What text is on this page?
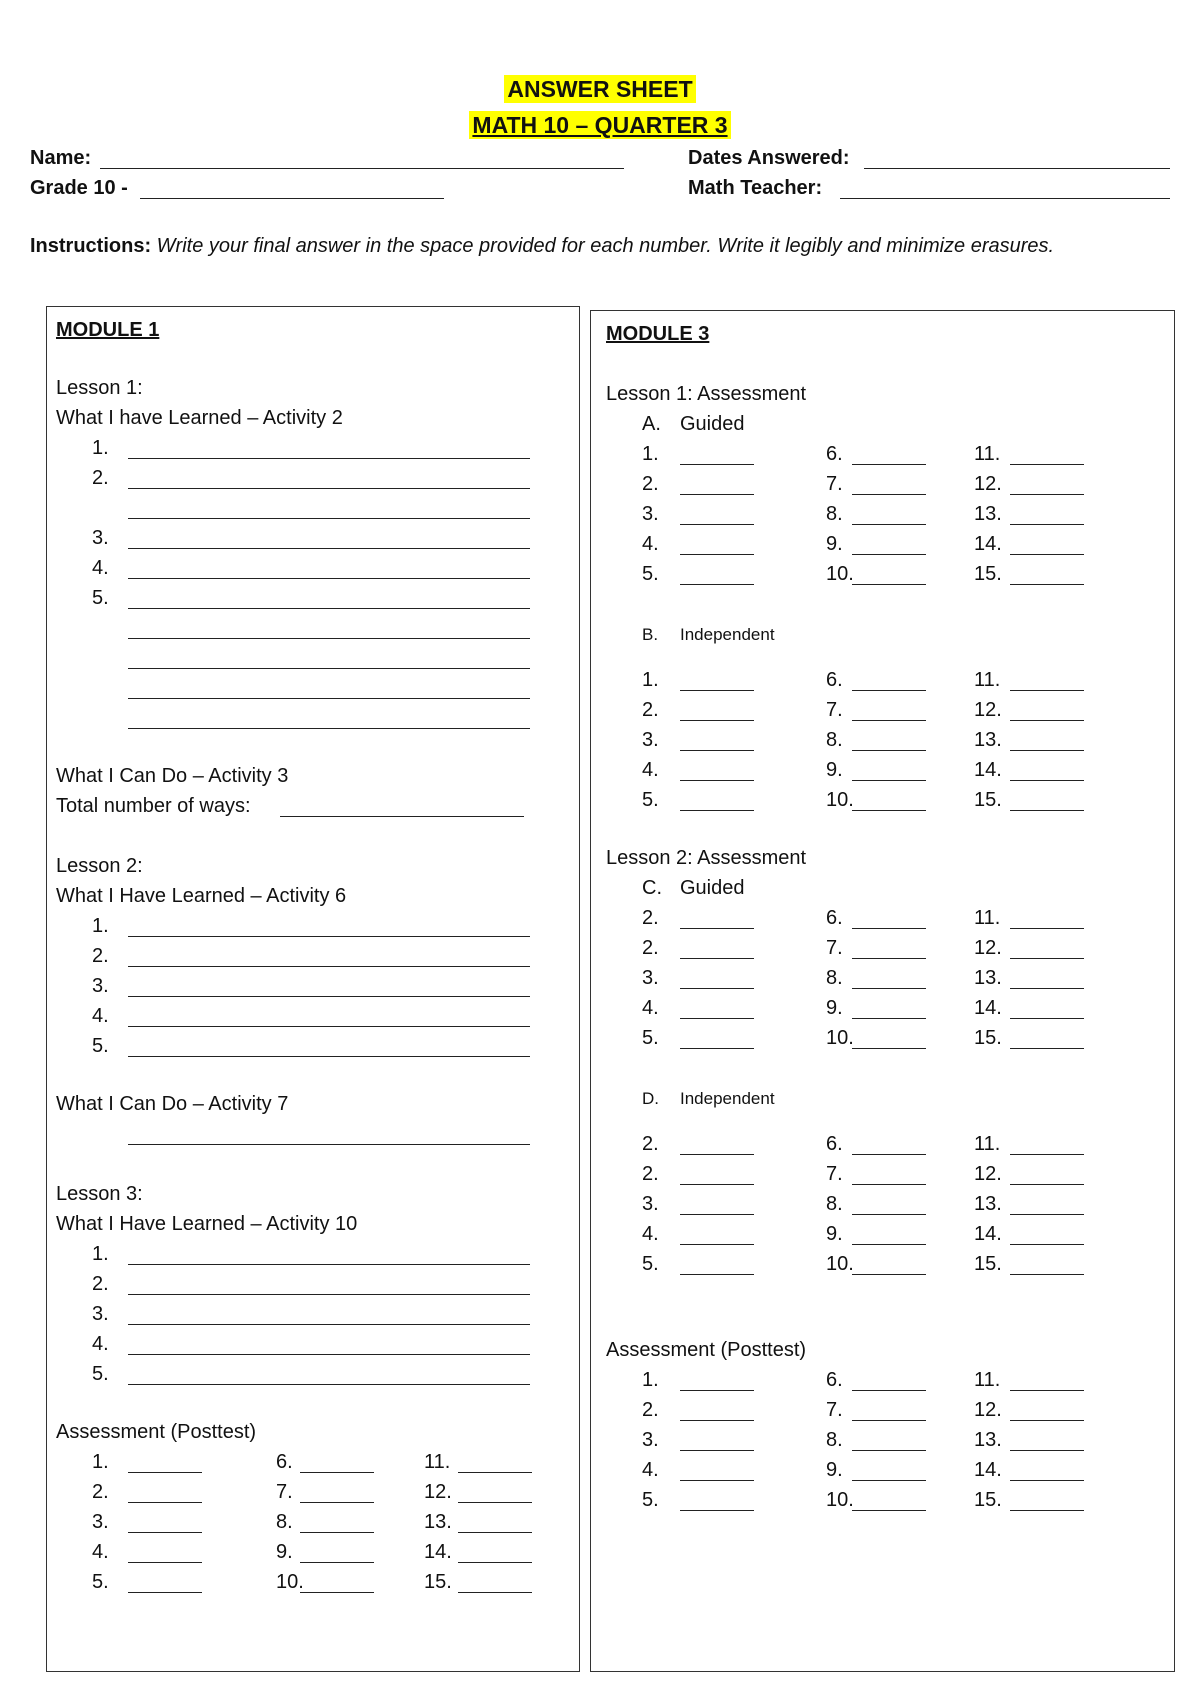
ANSWER SHEET
MATH 10 – QUARTER 3
Name:	Dates Answered:
Grade 10 -	Math Teacher:
Instructions: Write your final answer in the space provided for each number. Write it legibly and minimize erasures.
MODULE 1
Lesson 1:
What I have Learned – Activity 2
1.
2.
3.
4.
5.
What I Can Do – Activity 3
Total number of ways:
Lesson 2:
What I Have Learned – Activity 6
1.
2.
3.
4.
5.
What I Can Do – Activity 7
Lesson 3:
What I Have Learned – Activity 10
1.
2.
3.
4.
5.
Assessment (Posttest)
1.
2.
3.
4.
5.
6.
7.
8.
9.
10.
11.
12.
13.
14.
15.
MODULE 3
Lesson 1: Assessment
A. Guided
1.
2.
3.
4.
5.
6.
7.
8.
9.
10.
11.
12.
13.
14.
15.
B. Independent
1.
2.
3.
4.
5.
6.
7.
8.
9.
10.
11.
12.
13.
14.
15.
Lesson 2: Assessment
C. Guided
2.
2.
3.
4.
5.
6.
7.
8.
9.
10.
11.
12.
13.
14.
15.
D. Independent
2.
2.
3.
4.
5.
6.
7.
8.
9.
10.
11.
12.
13.
14.
15.
Assessment (Posttest)
1.
2.
3.
4.
5.
6.
7.
8.
9.
10.
11.
12.
13.
14.
15.
